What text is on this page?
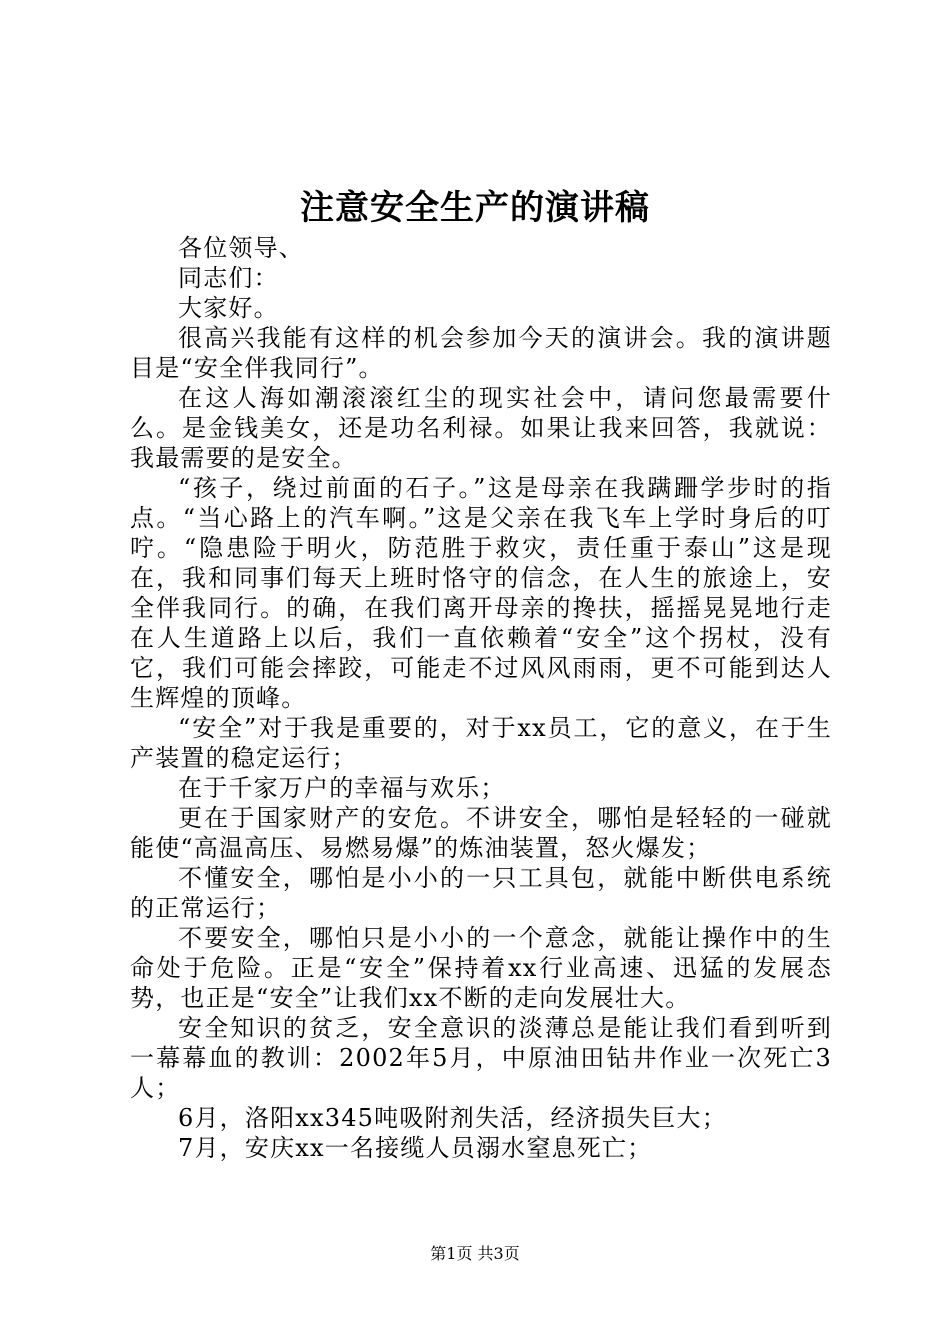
注意安全生产的演讲稿

各位领导、

同志们：

大家好。

很高兴我能有这样的机会参加今天的演讲会。我的演讲题目是“安全伴我同行”。

在这人海如潮滚滚红尘的现实社会中，请问您最需要什么。是金钱美女，还是功名利禄。如果让我来回答，我就说：我最需要的是安全。

“孩子，绕过前面的石子。”这是母亲在我蹒跚学步时的指点。“当心路上的汽车啊。”这是父亲在我飞车上学时身后的叮咛。“隐患险于明火，防范胜于救灾，责任重于泰山”这是现在，我和同事们每天上班时恪守的信念，在人生的旅途上，安全伴我同行。的确，在我们离开母亲的搀扶，摇摇晃晃地行走在人生道路上以后，我们一直依赖着“安全”这个拐杖，没有它，我们可能会摔跤，可能走不过风风雨雨，更不可能到达人生辉煌的顶峰。

“安全”对于我是重要的，对于xx员工，它的意义，在于生产装置的稳定运行；

在于千家万户的幸福与欢乐；

更在于国家财产的安危。不讲安全，哪怕是轻轻的一碰就能使“高温高压、易燃易爆”的炼油装置，怒火爆发；

不懂安全，哪怕是小小的一只工具包，就能中断供电系统的正常运行；

不要安全，哪怕只是小小的一个意念，就能让操作中的生命处于危险。正是“安全”保持着xx行业高速、迅猛的发展态势，也正是“安全”让我们xx不断的走向发展壮大。

安全知识的贫乏，安全意识的淡薄总是能让我们看到听到一幕幕血的教训：2002年5月，中原油田钻井作业一次死亡3人；

6月，洛阳xx345吨吸附剂失活，经济损失巨大；

7月，安庆xx一名接缆人员溺水窒息死亡；

第1页 共3页
